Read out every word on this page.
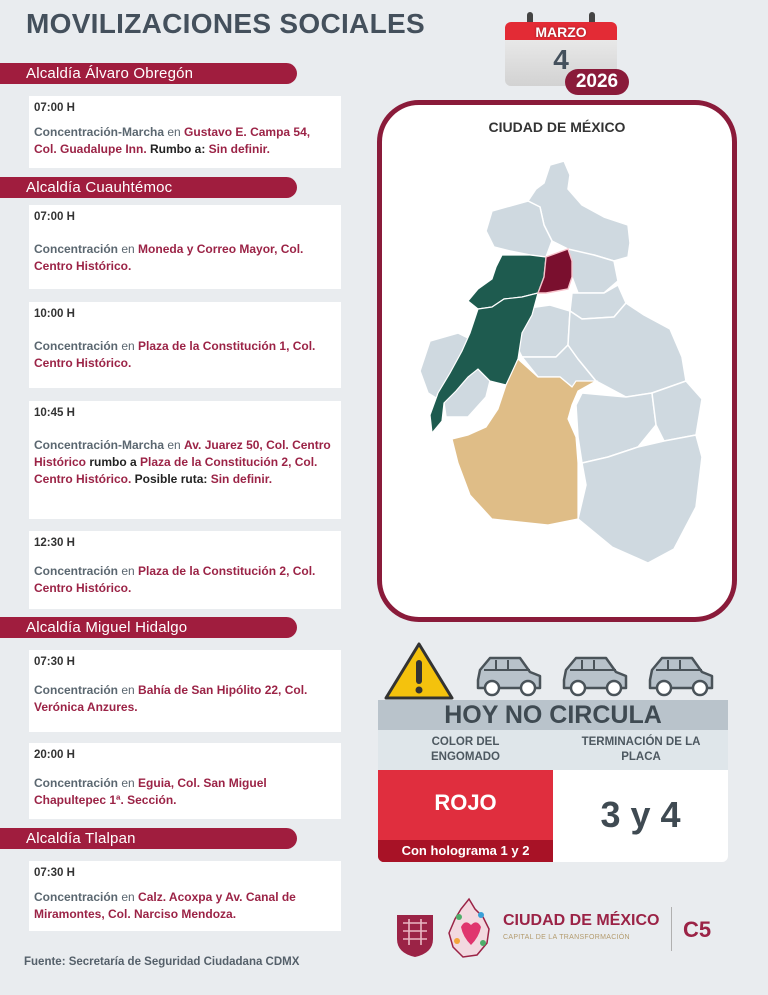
MOVILIZACIONES SOCIALES	MARZO
4
2026
Alcaldía Álvaro Obregón
07:00 H
Concentración-Marcha en Gustavo E. Campa 54, Col. Guadalupe Inn. Rumbo a: Sin definir.
Alcaldía Cuauhtémoc
07:00 H
Concentración en Moneda y Correo Mayor, Col. Centro Histórico.
10:00 H
Concentración en Plaza de la Constitución 1, Col. Centro Histórico.
10:45 H
Concentración-Marcha en Av. Juarez 50, Col. Centro Histórico rumbo a Plaza de la Constitución 2, Col. Centro Histórico. Posible ruta: Sin definir.
12:30 H
Concentración en Plaza de la Constitución 2, Col. Centro Histórico.
Alcaldía Miguel Hidalgo
07:30 H
Concentración en Bahía de San Hipólito 22, Col. Verónica Anzures.
20:00 H
Concentración en Eguia, Col. San Miguel Chapultepec 1ª. Sección.
Alcaldía Tlalpan
07:30 H
Concentración en Calz. Acoxpa y Av. Canal de Miramontes, Col. Narciso Mendoza.
Fuente: Secretaría de Seguridad Ciudadana CDMX
CIUDAD DE MÉXICO
HOY NO CIRCULA
COLOR DEL ENGOMADO
TERMINACIÓN DE LA PLACA
ROJO
Con holograma 1 y 2
3 y 4
CIUDAD DE MÉXICO
CAPITAL DE LA TRANSFORMACIÓN C5
